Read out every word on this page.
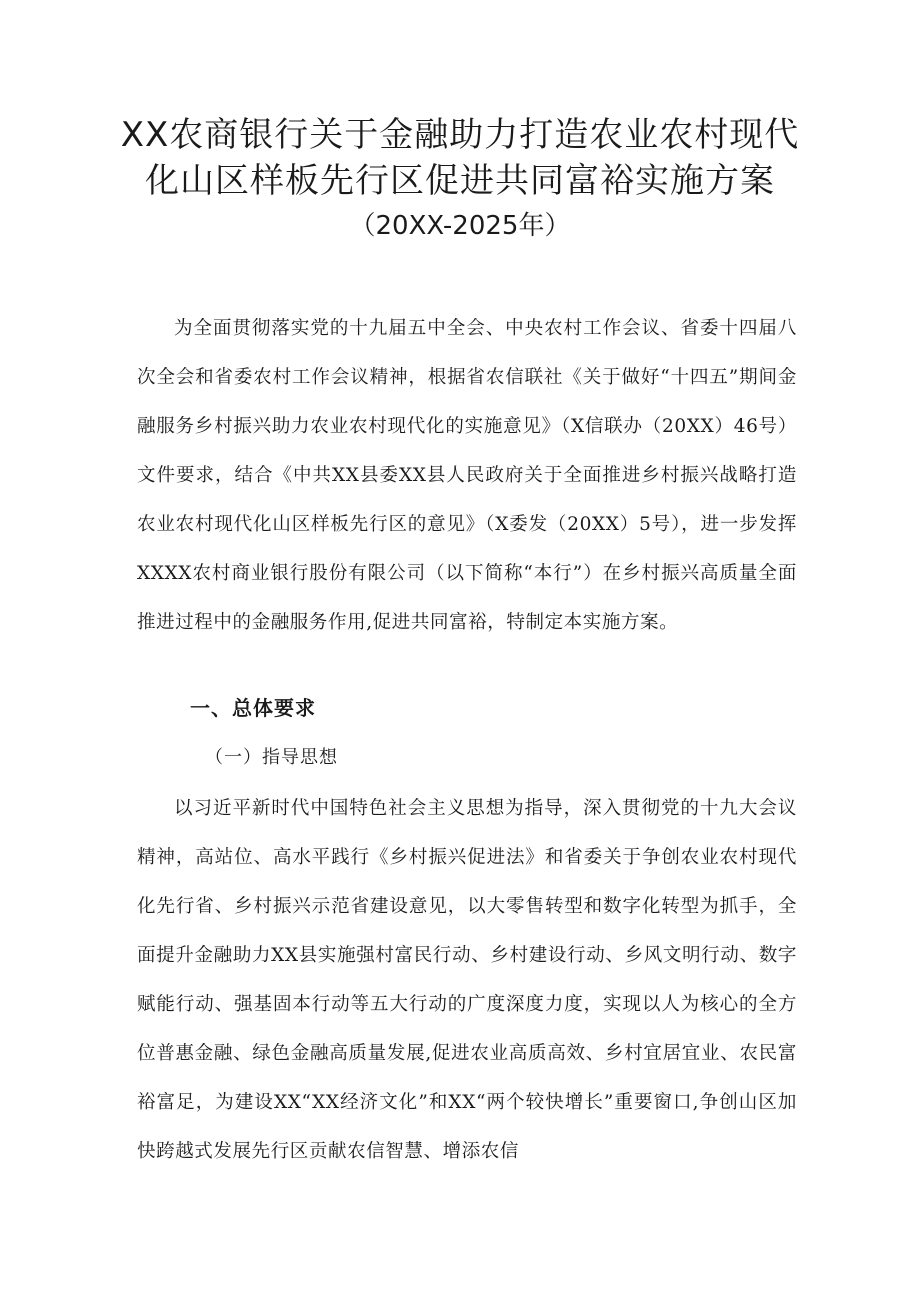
XX农商银行关于金融助力打造农业农村现代
化山区样板先行区促进共同富裕实施方案
（20XX-2025年）

为全面贯彻落实党的十九届五中全会、中央农村工作会议、省委十四届八次全会和省委农村工作会议精神，根据省农信联社《关于做好“十四五”期间金融服务乡村振兴助力农业农村现代化的实施意见》（X信联办（20XX）46号）文件要求，结合《中共XX县委XX县人民政府关于全面推进乡村振兴战略打造农业农村现代化山区样板先行区的意见》（X委发（20XX）5号），进一步发挥XXXX农村商业银行股份有限公司（以下简称“本行”）在乡村振兴高质量全面推进过程中的金融服务作用,促进共同富裕，特制定本实施方案。

一、总体要求
（一）指导思想

以习近平新时代中国特色社会主义思想为指导，深入贯彻党的十九大会议精神，高站位、高水平践行《乡村振兴促进法》和省委关于争创农业农村现代化先行省、乡村振兴示范省建设意见，以大零售转型和数字化转型为抓手，全面提升金融助力XX县实施强村富民行动、乡村建设行动、乡风文明行动、数字赋能行动、强基固本行动等五大行动的广度深度力度，实现以人为核心的全方位普惠金融、绿色金融高质量发展,促进农业高质高效、乡村宜居宜业、农民富裕富足，为建设XX“XX经济文化”和XX“两个较快增长”重要窗口,争创山区加快跨越式发展先行区贡献农信智慧、增添农信
